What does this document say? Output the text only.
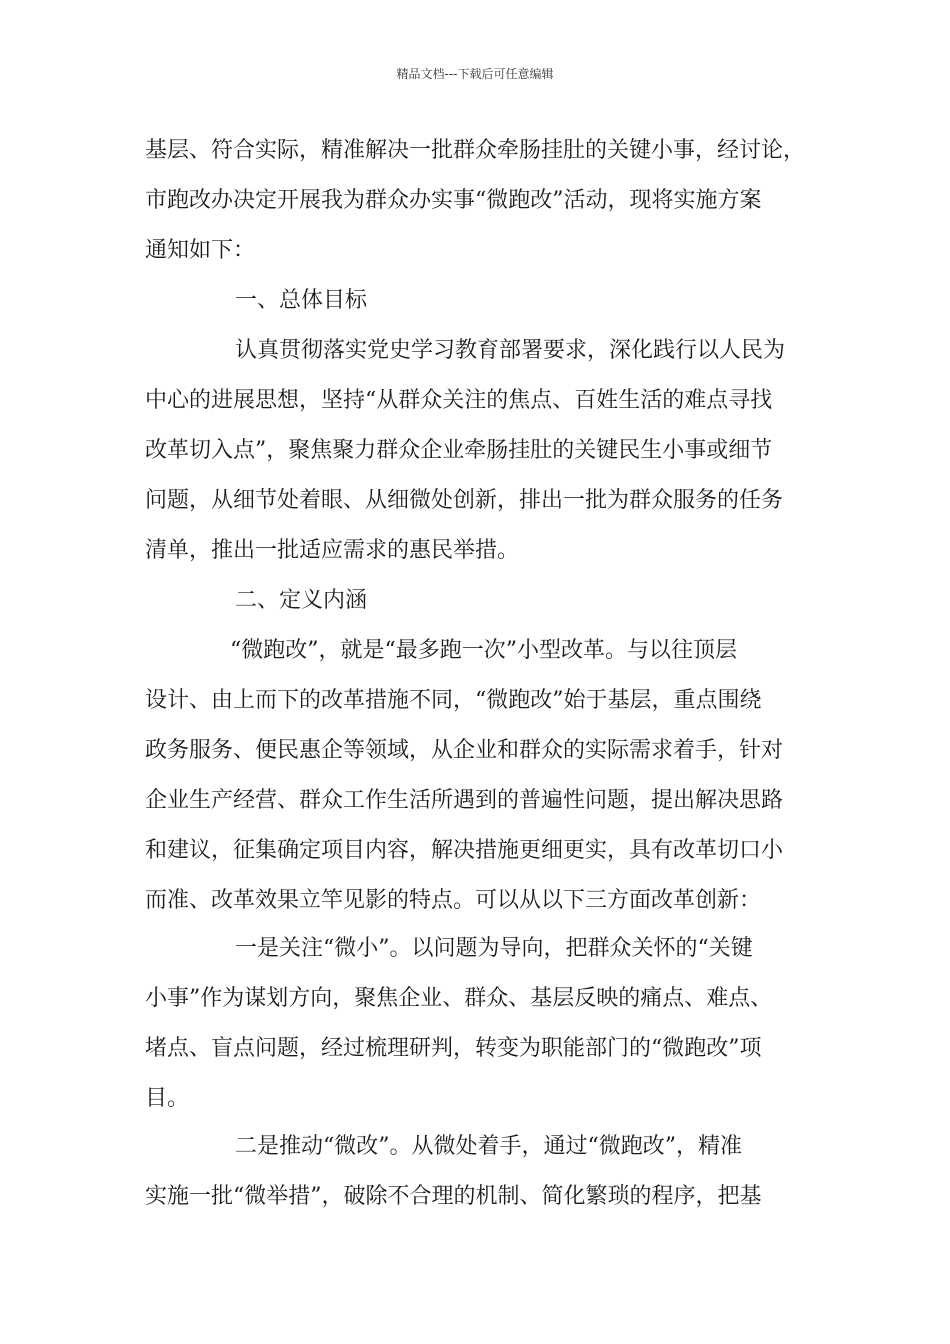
精品文档---下载后可任意编辑
基层、符合实际，精准解决一批群众牵肠挂肚的关键小事，经讨论，
市跑改办决定开展我为群众办实事“微跑改”活动，现将实施方案
通知如下：
一、总体目标
认真贯彻落实党史学习教育部署要求，深化践行以人民为
中心的进展思想，坚持“从群众关注的焦点、百姓生活的难点寻找
改革切入点”，聚焦聚力群众企业牵肠挂肚的关键民生小事或细节
问题，从细节处着眼、从细微处创新，排出一批为群众服务的任务
清单，推出一批适应需求的惠民举措。
二、定义内涵
“微跑改”，就是“最多跑一次”小型改革。与以往顶层
设计、由上而下的改革措施不同，“微跑改”始于基层，重点围绕
政务服务、便民惠企等领域，从企业和群众的实际需求着手，针对
企业生产经营、群众工作生活所遇到的普遍性问题，提出解决思路
和建议，征集确定项目内容，解决措施更细更实，具有改革切口小
而准、改革效果立竿见影的特点。可以从以下三方面改革创新：
一是关注“微小”。以问题为导向，把群众关怀的“关键
小事”作为谋划方向，聚焦企业、群众、基层反映的痛点、难点、
堵点、盲点问题，经过梳理研判，转变为职能部门的“微跑改”项
目。
二是推动“微改”。从微处着手，通过“微跑改”，精准
实施一批“微举措”，破除不合理的机制、简化繁琐的程序，把基
